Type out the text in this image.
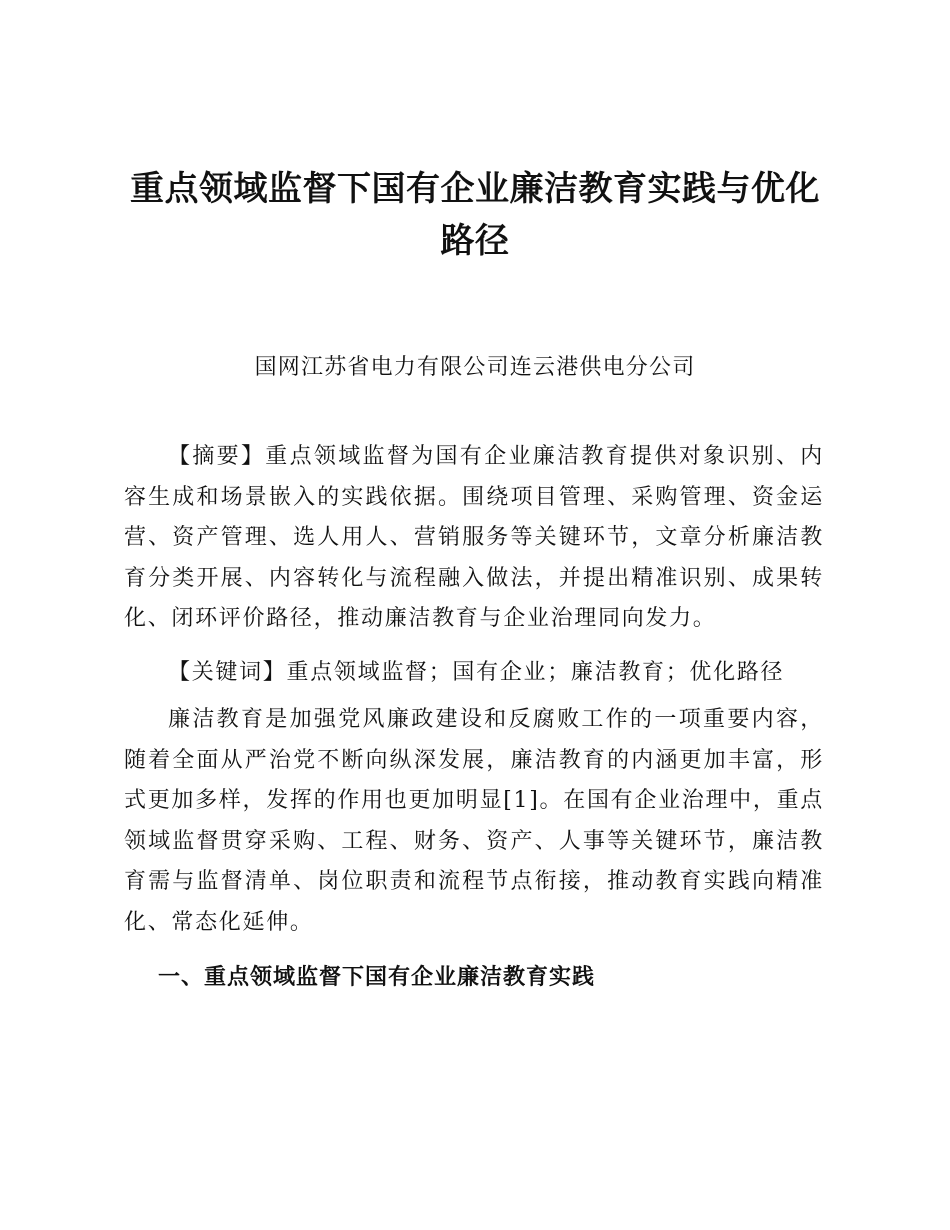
重点领域监督下国有企业廉洁教育实践与优化
路径
国网江苏省电力有限公司连云港供电分公司

【摘要】重点领域监督为国有企业廉洁教育提供对象识别、内容生成和场景嵌入的实践依据。围绕项目管理、采购管理、资金运营、资产管理、选人用人、营销服务等关键环节，文章分析廉洁教育分类开展、内容转化与流程融入做法，并提出精准识别、成果转化、闭环评价路径，推动廉洁教育与企业治理同向发力。

【关键词】重点领域监督；国有企业；廉洁教育；优化路径

廉洁教育是加强党风廉政建设和反腐败工作的一项重要内容，随着全面从严治党不断向纵深发展，廉洁教育的内涵更加丰富，形式更加多样，发挥的作用也更加明显[1]。在国有企业治理中，重点领域监督贯穿采购、工程、财务、资产、人事等关键环节，廉洁教育需与监督清单、岗位职责和流程节点衔接，推动教育实践向精准化、常态化延伸。

一、重点领域监督下国有企业廉洁教育实践
